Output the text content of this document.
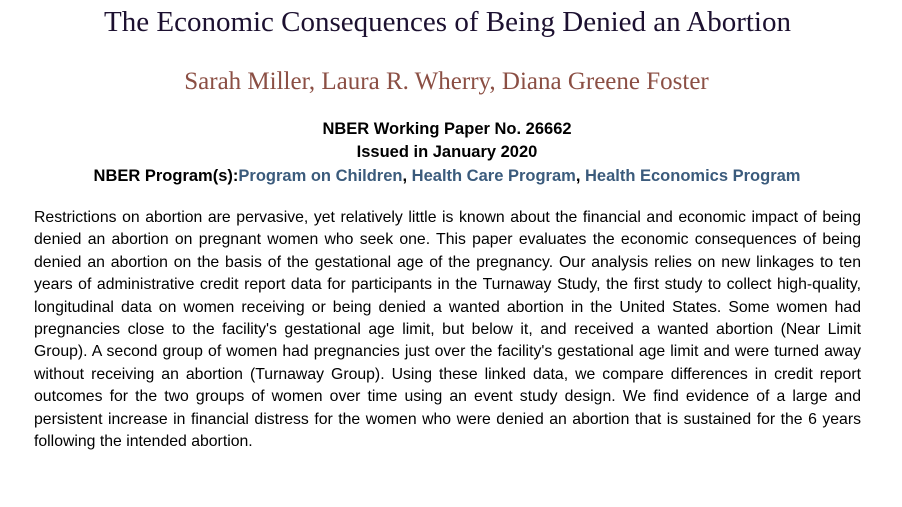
The Economic Consequences of Being Denied an Abortion
Sarah Miller, Laura R. Wherry, Diana Greene Foster
NBER Working Paper No. 26662
Issued in January 2020
NBER Program(s):Program on Children, Health Care Program, Health Economics Program

Restrictions on abortion are pervasive, yet relatively little is known about the financial and economic impact of being denied an abortion on pregnant women who seek one. This paper evaluates the economic consequences of being denied an abortion on the basis of the gestational age of the pregnancy. Our analysis relies on new linkages to ten years of administrative credit report data for participants in the Turnaway Study, the first study to collect high-quality, longitudinal data on women receiving or being denied a wanted abortion in the United States. Some women had pregnancies close to the facility's gestational age limit, but below it, and received a wanted abortion (Near Limit Group). A second group of women had pregnancies just over the facility's gestational age limit and were turned away without receiving an abortion (Turnaway Group). Using these linked data, we compare differences in credit report outcomes for the two groups of women over time using an event study design. We find evidence of a large and persistent increase in financial distress for the women who were denied an abortion that is sustained for the 6 years following the intended abortion.
